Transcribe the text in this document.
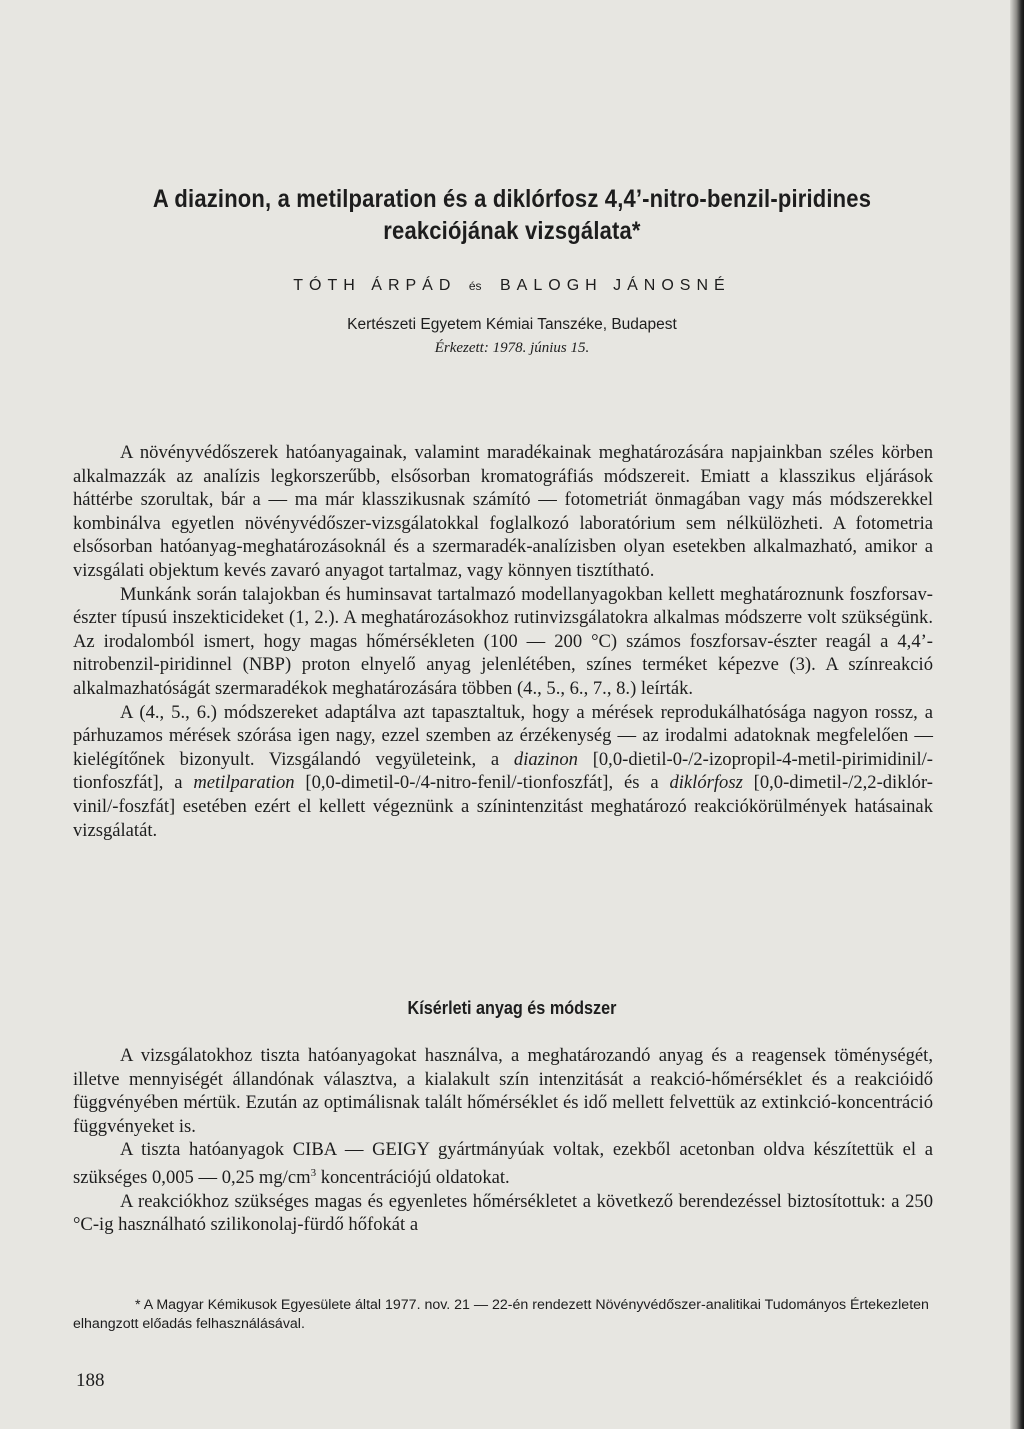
A diazinon, a metilparation és a diklórfosz 4,4’-nitro-benzil-piridines
reakciójának vizsgálata*
TÓTH ÁRPÁD és BALOGH JÁNOSNÉ
Kertészeti Egyetem Kémiai Tanszéke, Budapest
Érkezett: 1978. június 15.

A növényvédőszerek hatóanyagainak, valamint maradékainak meghatározására napjainkban széles körben alkalmazzák az analízis legkorszerűbb, elsősorban kromatográfiás módszereit. Emiatt a klasszikus eljárások háttérbe szorultak, bár a — ma már klasszikusnak számító — fotometriát önmagában vagy más módszerekkel kombinálva egyetlen növényvédőszer-vizsgálatokkal foglalkozó laboratórium sem nélkülözheti. A fotometria elsősorban hatóanyag-meghatározásoknál és a szermaradék-analízisben olyan esetekben alkalmazható, amikor a vizsgálati objektum kevés zavaró anyagot tartalmaz, vagy könnyen tisztítható.

Munkánk során talajokban és huminsavat tartalmazó modellanyagokban kellett meghatároznunk foszforsav-észter típusú inszekticideket (1, 2.). A meghatározásokhoz rutinvizsgálatokra alkalmas módszerre volt szükségünk. Az irodalomból ismert, hogy magas hőmérsékleten (100 — 200 °C) számos foszforsav-észter reagál a 4,4’-nitrobenzil-piridinnel (NBP) proton elnyelő anyag jelenlétében, színes terméket képezve (3). A színreakció alkalmazhatóságát szermaradékok meghatározására többen (4., 5., 6., 7., 8.) leírták.

A (4., 5., 6.) módszereket adaptálva azt tapasztaltuk, hogy a mérések reprodukálhatósága nagyon rossz, a párhuzamos mérések szórása igen nagy, ezzel szemben az érzékenység — az irodalmi adatoknak megfelelően — kielégítőnek bizonyult. Vizsgálandó vegyületeink, a diazinon [0,0-dietil-0-/2-izopropil-4-metil-pirimidinil/-tionfoszfát], a metilparation [0,0-dimetil-0-/4-nitro-fenil/-tionfoszfát], és a diklórfosz [0,0-dimetil-/2,2-diklór-vinil/-foszfát] esetében ezért el kellett végeznünk a színintenzitást meghatározó reakciókörülmények hatásainak vizsgálatát.

Kísérleti anyag és módszer

A vizsgálatokhoz tiszta hatóanyagokat használva, a meghatározandó anyag és a reagensek töménységét, illetve mennyiségét állandónak választva, a kialakult szín intenzitását a reakció-hőmérséklet és a reakcióidő függvényében mértük. Ezután az optimálisnak talált hőmérséklet és idő mellett felvettük az extinkció-koncentráció függvényeket is.

A tiszta hatóanyagok CIBA — GEIGY gyártmányúak voltak, ezekből acetonban oldva készítettük el a szükséges 0,005 — 0,25 $mg/cm^3$ koncentrációjú oldatokat.

A reakciókhoz szükséges magas és egyenletes hőmérsékletet a következő berendezéssel biztosítottuk: a 250 °C-ig használható szilikonolaj-fürdő hőfokát a

* A Magyar Kémikusok Egyesülete által 1977. nov. 21 — 22-én rendezett Növényvédőszer-analitikai Tudományos Értekezleten elhangzott előadás felhasználásával.
188
